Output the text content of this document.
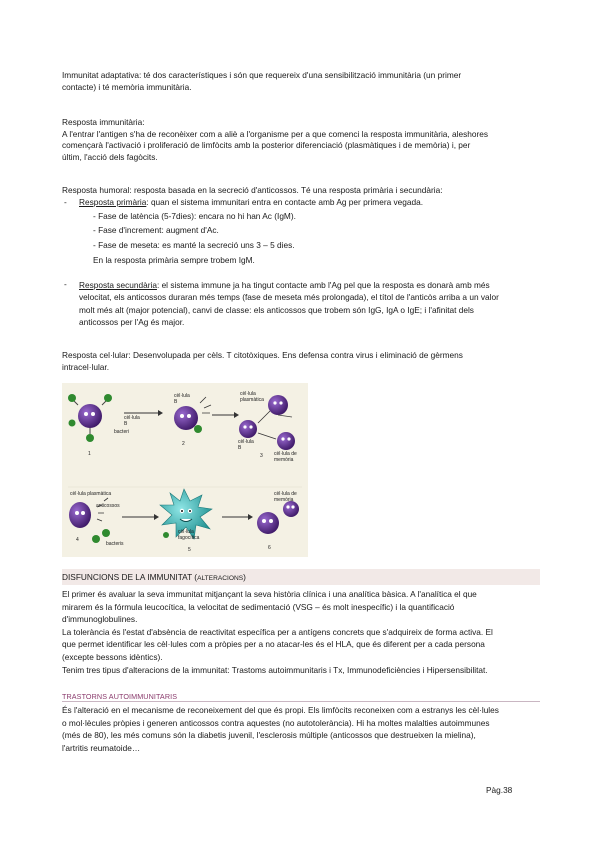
Immunitat adaptativa: té dos característiques i són que requereix d'una sensibilització immunitària (un primer
contacte) i té memòria immunitària.
Resposta immunitària:
A l'entrar l'antigen s'ha de reconèixer com a aliè a l'organisme per a que comenci la resposta immunitària, aleshores
començarà l'activació i proliferació de limfòcits amb la posterior diferenciació (plasmàtiques i de memòria) i, per
últim, l'acció dels fagòcits.
Resposta humoral: resposta basada en la secreció d'anticossos. Té una resposta primària i secundària:
- Resposta primària: quan el sistema immunitari entra en contacte amb Ag per primera vegada.
- Fase de latència (5-7dies): encara no hi han Ac (IgM).
- Fase d'increment: augment d'Ac.
- Fase de meseta: es manté la secreció uns 3 – 5 dies.
En la resposta primària sempre trobem IgM.
- Resposta secundària: el sistema immune ja ha tingut contacte amb l'Ag pel que la resposta es donarà amb més
velocitat, els anticossos duraran més temps (fase de meseta més prolongada), el títol de l'anticòs arriba a un valor
molt més alt (major potencial), canvi de classe: els anticossos que trobem són IgG, IgA o IgE; i l'afinitat dels
anticossos per l'Ag és major.
Resposta cel·lular: Desenvolupada per cèls. T citotòxiques. Ens defensa contra virus i eliminació de gèrmens
intracel·lular.
cèl·lula
B
bacteri
1
cèl·lula
B
2
cèl·lula
plasmàtica
cèl·lula
B
3 cèl·lula de
memòria
cèl·lula plasmàtica
anticossos
bacteris
4
cèl·lula
fagocítica
5	6
cèl·lula de
memòria
DISFUNCIONS DE LA IMMUNITAT (ALTERACIONS)
El primer és avaluar la seva immunitat mitjançant la seva història clínica i una analítica bàsica. A l'analítica el que
mirarem és la fórmula leucocítica, la velocitat de sedimentació (VSG – és molt inespecífic) i la quantificació
d'immunoglobulines.
La tolerància és l'estat d'absència de reactivitat específica per a antígens concrets que s'adquireix de forma activa. El
que permet identificar les cèl·lules com a pròpies per a no atacar-les és el HLA, que és diferent per a cada persona
(excepte bessons idèntics).
Tenim tres tipus d'alteracions de la immunitat: Trastoms autoimmunitaris i Tx, Immunodeficiències i Hipersensibilitat.
TRASTORNS AUTOIMMUNITARIS
És l'alteració en el mecanisme de reconeixement del que és propi. Els limfòcits reconeixen com a estranys les cèl·lules
o mol·lècules pròpies i generen anticossos contra aquestes (no autotolerància). Hi ha moltes malalties autoimmunes
(més de 80), les més comuns són la diabetis juvenil, l'esclerosis múltiple (anticossos que destrueixen la mielina),
l'artritis reumatoide…
Pàg.38
